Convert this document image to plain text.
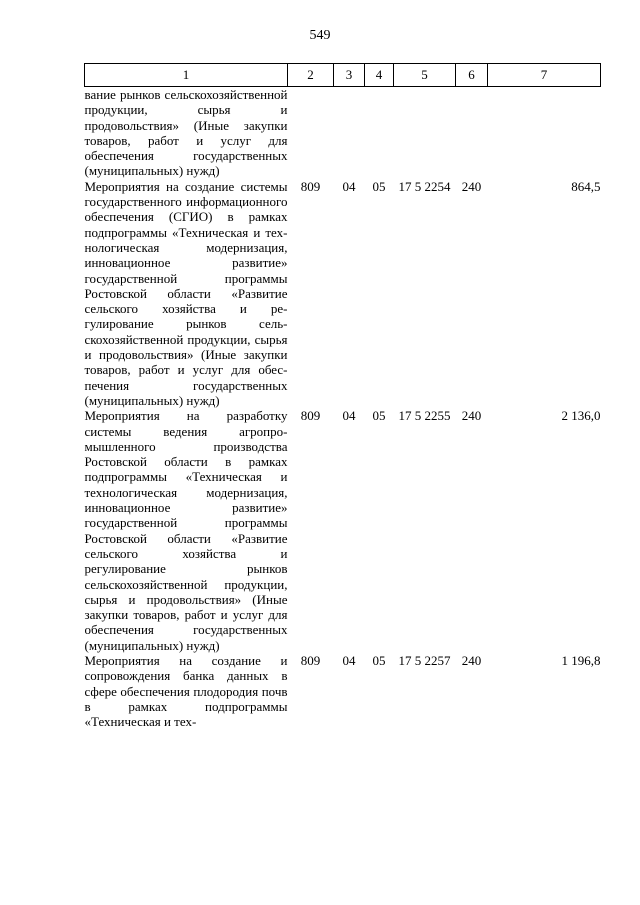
549
1	2	3	4	5	6	7
вание рынков сельскохозяйственной продукции, сырья и продовольствия» (Иные закупки товаров, работ и услуг для обеспечения государственных (муниципальных) нужд)						
Мероприятия на создание системы государственного информационного обеспечения (СГИО) в рамках подпрограммы «Техническая и технологическая модернизация, инновационное развитие» государственной программы Ростовской области «Развитие сельского хозяйства и регулирование рынков сельскохозяйственной продукции, сырья и продовольствия» (Иные закупки товаров, работ и услуг для обеспечения государственных (муниципальных) нужд)	809	04	05	17 5 2254	240	864,5
Мероприятия на разработку системы ведения агропромышленного производства Ростовской области в рамках подпрограммы «Техническая и технологическая модернизация, инновационное развитие» государственной программы Ростовской области «Развитие сельского хозяйства и регулирование рынков сельскохозяйственной продукции, сырья и продовольствия» (Иные закупки товаров, работ и услуг для обеспечения государственных (муниципальных) нужд)	809	04	05	17 5 2255	240	2 136,0
Мероприятия на создание и сопровождения банка данных в сфере обеспечения плодородия почв в рамках подпрограммы «Техническая и тех-	809	04	05	17 5 2257	240	1 196,8
